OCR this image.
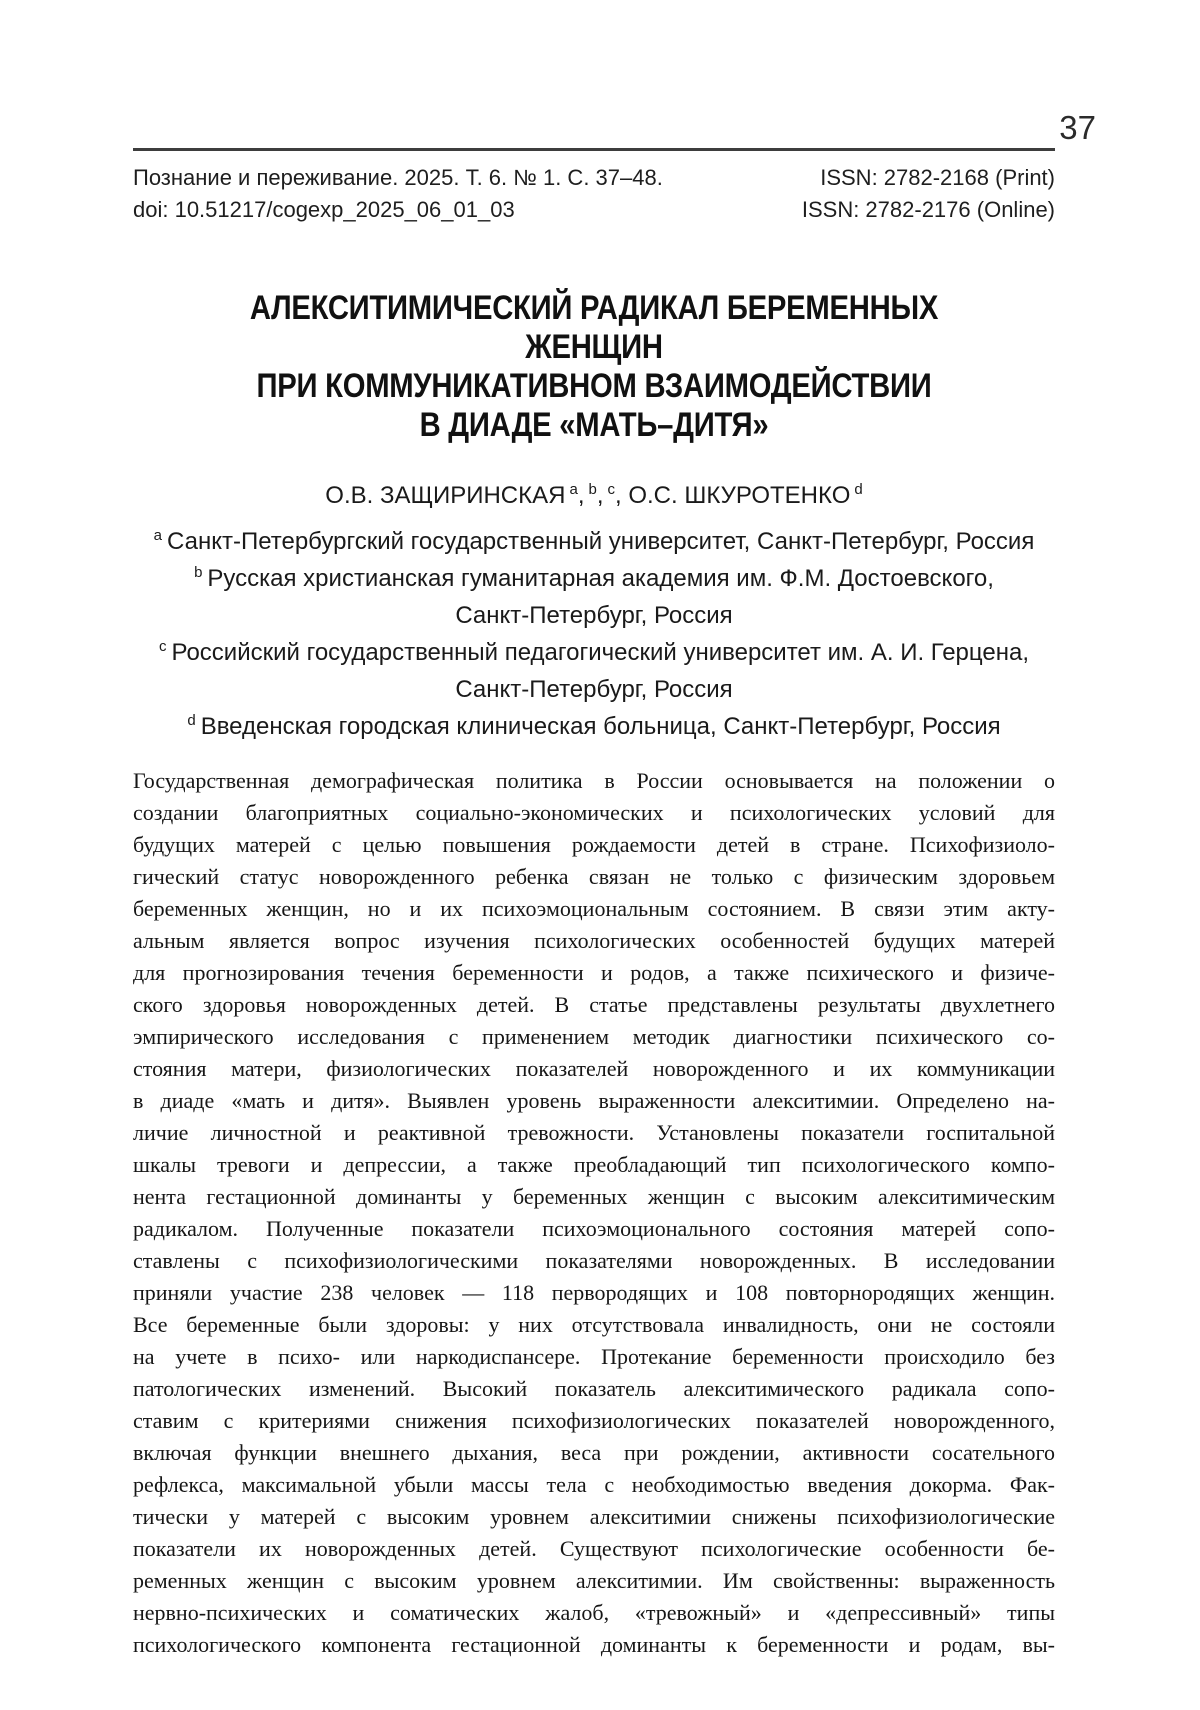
37
Познание и переживание. 2025. Т. 6. № 1. С. 37–48.	ISSN: 2782-2168 (Print)
doi: 10.51217/cogexp_2025_06_01_03	ISSN: 2782-2176 (Online)
АЛЕКСИТИМИЧЕСКИЙ РАДИКАЛ БЕРЕМЕННЫХ ЖЕНЩИН
ПРИ КОММУНИКАТИВНОМ ВЗАИМОДЕЙСТВИИ
В ДИАДЕ «МАТЬ–ДИТЯ»
О.В. ЗАЩИРИНСКАЯ $^a$, $^b$, $^c$, О.С. ШКУРОТЕНКО $^d$
$^a$ Санкт-Петербургский государственный университет, Санкт-Петербург, Россия
$^b$ Русская христианская гуманитарная академия им. Ф.М. Достоевского,
Санкт-Петербург, Россия
$^c$ Российский государственный педагогический университет им. А. И. Герцена,
Санкт-Петербург, Россия
$^d$ Введенская городская клиническая больница, Санкт-Петербург, Россия
Государственная демографическая политика в России основывается на положении о
создании благоприятных социально-экономических и психологических условий для
будущих матерей с целью повышения рождаемости детей в стране. Психофизиоло-
гический статус новорожденного ребенка связан не только с физическим здоровьем
беременных женщин, но и их психоэмоциональным состоянием. В связи этим акту-
альным является вопрос изучения психологических особенностей будущих матерей
для прогнозирования течения беременности и родов, а также психического и физиче-
ского здоровья новорожденных детей. В статье представлены результаты двухлетнего
эмпирического исследования с применением методик диагностики психического со-
стояния матери, физиологических показателей новорожденного и их коммуникации
в диаде «мать и дитя». Выявлен уровень выраженности алекситимии. Определено на-
личие личностной и реактивной тревожности. Установлены показатели госпитальной
шкалы тревоги и депрессии, а также преобладающий тип психологического компо-
нента гестационной доминанты у беременных женщин с высоким алекситимическим
радикалом. Полученные показатели психоэмоционального состояния матерей сопо-
ставлены с психофизиологическими показателями новорожденных. В исследовании
приняли участие 238 человек — 118 первородящих и 108 повторнородящих женщин.
Все беременные были здоровы: у них отсутствовала инвалидность, они не состояли
на учете в психо- или наркодиспансере. Протекание беременности происходило без
патологических изменений. Высокий показатель алекситимического радикала сопо-
ставим с критериями снижения психофизиологических показателей новорожденного,
включая функции внешнего дыхания, веса при рождении, активности сосательного
рефлекса, максимальной убыли массы тела с необходимостью введения докорма. Фак-
тически у матерей с высоким уровнем алекситимии снижены психофизиологические
показатели их новорожденных детей. Существуют психологические особенности бе-
ременных женщин с высоким уровнем алекситимии. Им свойственны: выраженность
нервно-психических и соматических жалоб, «тревожный» и «депрессивный» типы
психологического компонента гестационной доминанты к беременности и родам, вы-
